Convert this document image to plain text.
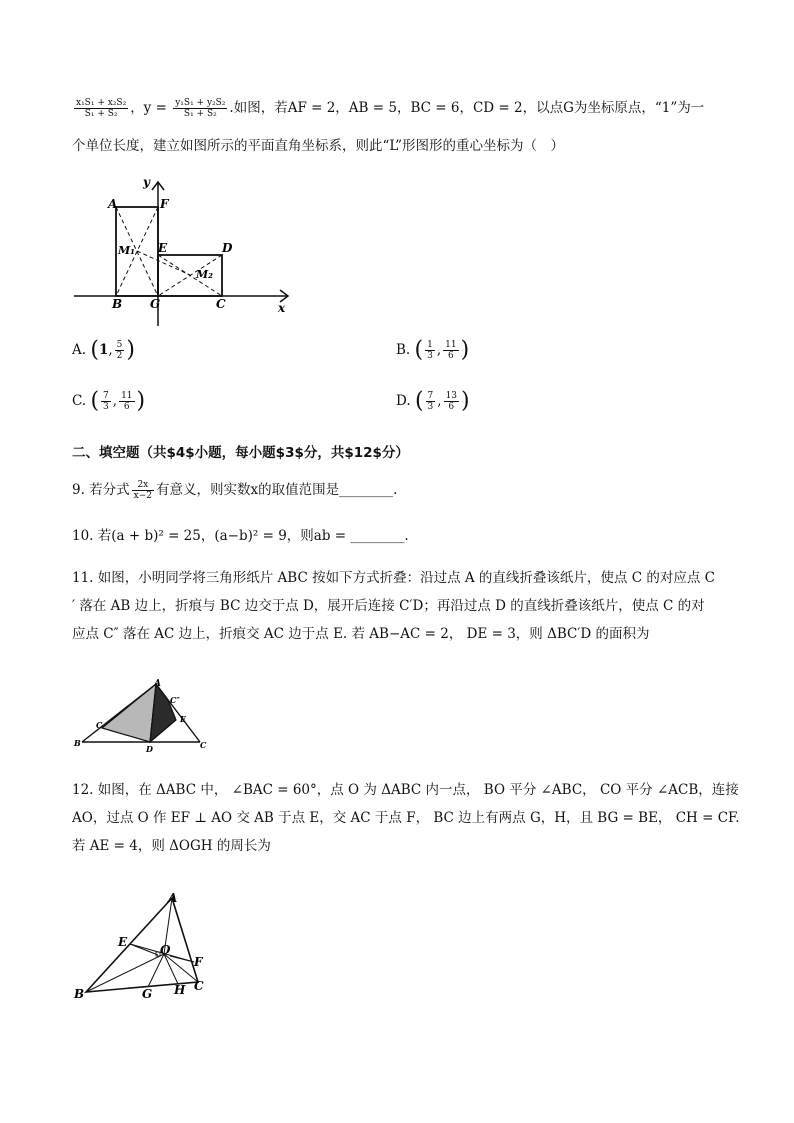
$\frac{\text{x₁S₁ + x₂S₂}}{\text{S₁ + S₂}}$ ，$y = \frac{\text{y₁S₁ + y₂S₂}}{\text{S₁ + S₂}}$ .如图，若AF = 2，AB = 5，BC = 6，CD = 2，以点G为坐标原点，“1”为一
个单位长度，建立如图所示的平面直角坐标系，则此“L”形图形的重心坐标为（　）
A	F
y
M₁ E	D
M₂
B G	C	x
A. (1, $\frac{5}{2}$ )	B. ( $\frac{1}{3}$ , $\frac{11}{6}$ )
C. ( $\frac{7}{3}$ , $\frac{11}{6}$ )	D. ( $\frac{7}{3}$ , $\frac{13}{6}$ )
二、填空题（共$4$小题，每小题$3$分，共$12$分）
9. 若分式 $\frac{2x}{x-2}$ 有意义，则实数x的取值范围是________.
10. 若(a + b)² = 25，(a−b)² = 9，则ab = ________.
11. 如图，小明同学将三角形纸片 ABC 按如下方式折叠：沿过点 A 的直线折叠该纸片，使点 C 的对应点 C
′ 落在 AB 边上，折痕与 BC 边交于点 D，展开后连接 C′D；再沿过点 D 的直线折叠该纸片，使点 C 的对
应点 C″ 落在 AC 边上，折痕交 AC 边于点 E. 若 AB−AC = 2， DE = 3，则 ΔBC′D 的面积为
A
C″
E
C
B
D	C
12. 如图，在 ΔABC 中， ∠BAC = 60°，点 O 为 ΔABC 内一点， BO 平分 ∠ABC， CO 平分 ∠ACB，连接
AO，过点 O 作 EF ⊥ AO 交 AB 于点 E，交 AC 于点 F， BC 边上有两点 G，H，且 BG = BE， CH = CF.
若 AE = 4，则 ΔOGH 的周长为
A
E
O
F
B	G H C
